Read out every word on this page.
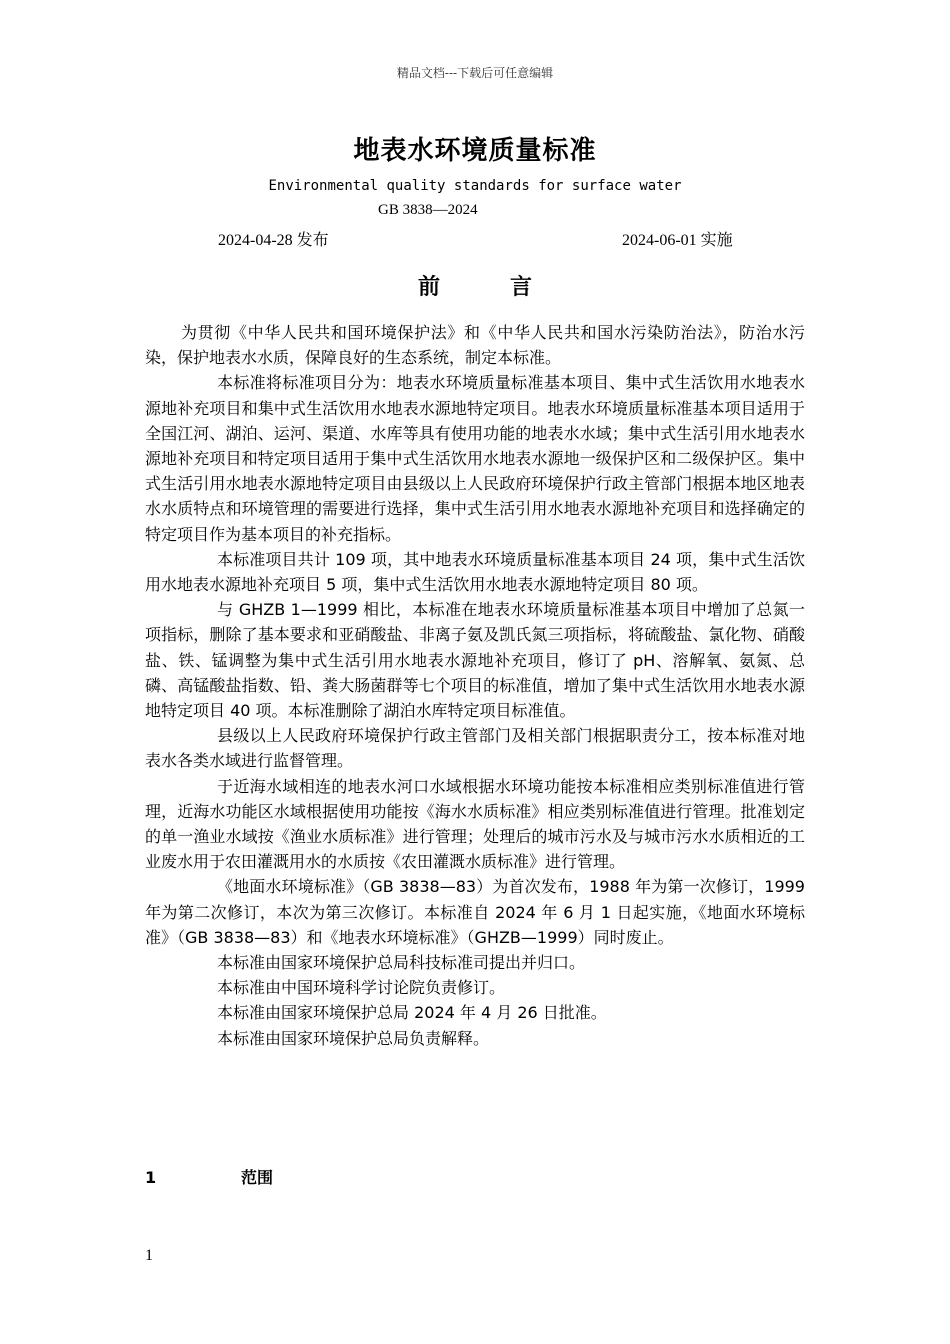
精品文档---下载后可任意编辑
地表水环境质量标准
Environmental quality standards for surface water
GB 3838—2024
2024-04-28 发布	2024-06-01 实施
前言

为贯彻《中华人民共和国环境保护法》和《中华人民共和国水污染防治法》，防治水污染，保护地表水水质，保障良好的生态系统，制定本标准。

本标准将标准项目分为：地表水环境质量标准基本项目、集中式生活饮用水地表水源地补充项目和集中式生活饮用水地表水源地特定项目。地表水环境质量标准基本项目适用于全国江河、湖泊、运河、渠道、水库等具有使用功能的地表水水域；集中式生活引用水地表水源地补充项目和特定项目适用于集中式生活饮用水地表水源地一级保护区和二级保护区。集中式生活引用水地表水源地特定项目由县级以上人民政府环境保护行政主管部门根据本地区地表水水质特点和环境管理的需要进行选择，集中式生活引用水地表水源地补充项目和选择确定的特定项目作为基本项目的补充指标。

本标准项目共计 109 项，其中地表水环境质量标准基本项目 24 项，集中式生活饮用水地表水源地补充项目 5 项，集中式生活饮用水地表水源地特定项目 80 项。

与 GHZB 1—1999 相比，本标准在地表水环境质量标准基本项目中增加了总氮一项指标，删除了基本要求和亚硝酸盐、非离子氨及凯氏氮三项指标，将硫酸盐、氯化物、硝酸盐、铁、锰调整为集中式生活引用水地表水源地补充项目，修订了 pH、溶解氧、氨氮、总磷、高锰酸盐指数、铅、粪大肠菌群等七个项目的标准值，增加了集中式生活饮用水地表水源地特定项目 40 项。本标准删除了湖泊水库特定项目标准值。

县级以上人民政府环境保护行政主管部门及相关部门根据职责分工，按本标准对地表水各类水域进行监督管理。

于近海水域相连的地表水河口水域根据水环境功能按本标准相应类别标准值进行管理，近海水功能区水域根据使用功能按《海水水质标准》相应类别标准值进行管理。批准划定的单一渔业水域按《渔业水质标准》进行管理；处理后的城市污水及与城市污水水质相近的工业废水用于农田灌溉用水的水质按《农田灌溉水质标准》进行管理。

《地面水环境标准》（GB 3838—83）为首次发布，1988 年为第一次修订，1999 年为第二次修订，本次为第三次修订。本标准自 2024 年 6 月 1 日起实施，《地面水环境标准》（GB 3838—83）和《地表水环境标准》（GHZB—1999）同时废止。

本标准由国家环境保护总局科技标准司提出并归口。

本标准由中国环境科学讨论院负责修订。

本标准由国家环境保护总局 2024 年 4 月 26 日批准。

本标准由国家环境保护总局负责解释。

1	范围
1
